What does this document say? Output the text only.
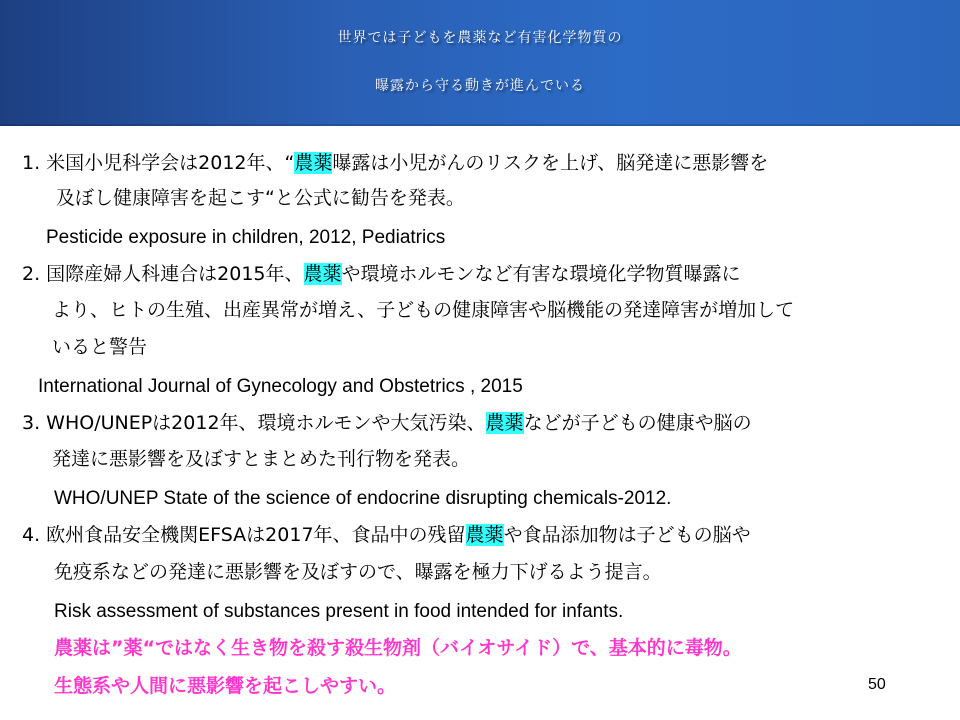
世界では子どもを農薬など有害化学物質の
曝露から守る動きが進んでいる
1. 米国小児科学会は2012年、“農薬曝露は小児がんのリスクを上げ、脳発達に悪影響を
及ぼし健康障害を起こす“と公式に勧告を発表。
Pesticide exposure in children, 2012, Pediatrics
2. 国際産婦人科連合は2015年、農薬や環境ホルモンなど有害な環境化学物質曝露に
より、ヒトの生殖、出産異常が増え、子どもの健康障害や脳機能の発達障害が増加して
いると警告
International Journal of Gynecology and Obstetrics , 2015
3. WHO/UNEPは2012年、環境ホルモンや大気汚染、農薬などが子どもの健康や脳の
発達に悪影響を及ぼすとまとめた刊行物を発表。
WHO/UNEP State of the science of endocrine disrupting chemicals-2012.
4. 欧州食品安全機関EFSAは2017年、食品中の残留農薬や食品添加物は子どもの脳や
免疫系などの発達に悪影響を及ぼすので、曝露を極力下げるよう提言。
Risk assessment of substances present in food intended for infants.
農薬は”薬“ではなく生き物を殺す殺生物剤（バイオサイド）で、基本的に毒物。
生態系や人間に悪影響を起こしやすい。	50
